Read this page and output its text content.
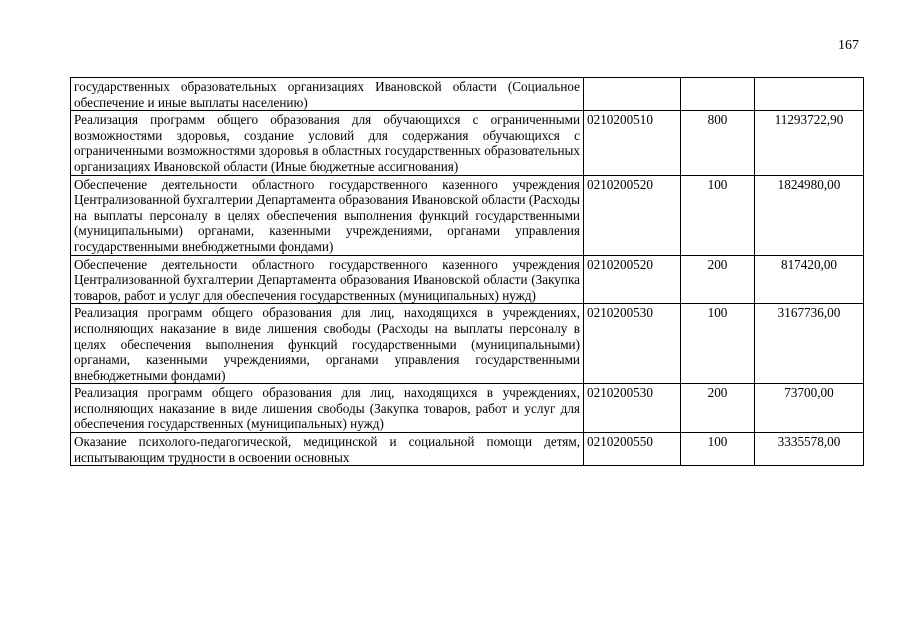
167
государственных образовательных организациях Ивановской области (Социальное обеспечение и иные выплаты населению)			
Реализация программ общего образования для обучающихся с ограниченными возможностями здоровья, создание условий для содержания обучающихся с ограниченными возможностями здоровья в областных государственных образовательных организациях Ивановской области (Иные бюджетные ассигнования)	0210200510	800	11293722,90
Обеспечение деятельности областного государственного казенного учреждения Централизованной бухгалтерии Департамента образования Ивановской области (Расходы на выплаты персоналу в целях обеспечения выполнения функций государственными (муниципальными) органами, казенными учреждениями, органами управления государственными внебюджетными фондами)	0210200520	100	1824980,00
Обеспечение деятельности областного государственного казенного учреждения Централизованной бухгалтерии Департамента образования Ивановской области (Закупка товаров, работ и услуг для обеспечения государственных (муниципальных) нужд)	0210200520	200	817420,00
Реализация программ общего образования для лиц, находящихся в учреждениях, исполняющих наказание в виде лишения свободы (Расходы на выплаты персоналу в целях обеспечения выполнения функций государственными (муниципальными) органами, казенными учреждениями, органами управления государственными внебюджетными фондами)	0210200530	100	3167736,00
Реализация программ общего образования для лиц, находящихся в учреждениях, исполняющих наказание в виде лишения свободы (Закупка товаров, работ и услуг для обеспечения государственных (муниципальных) нужд)	0210200530	200	73700,00
Оказание психолого-педагогической, медицинской и социальной помощи детям, испытывающим трудности в освоении основных	0210200550	100	3335578,00
